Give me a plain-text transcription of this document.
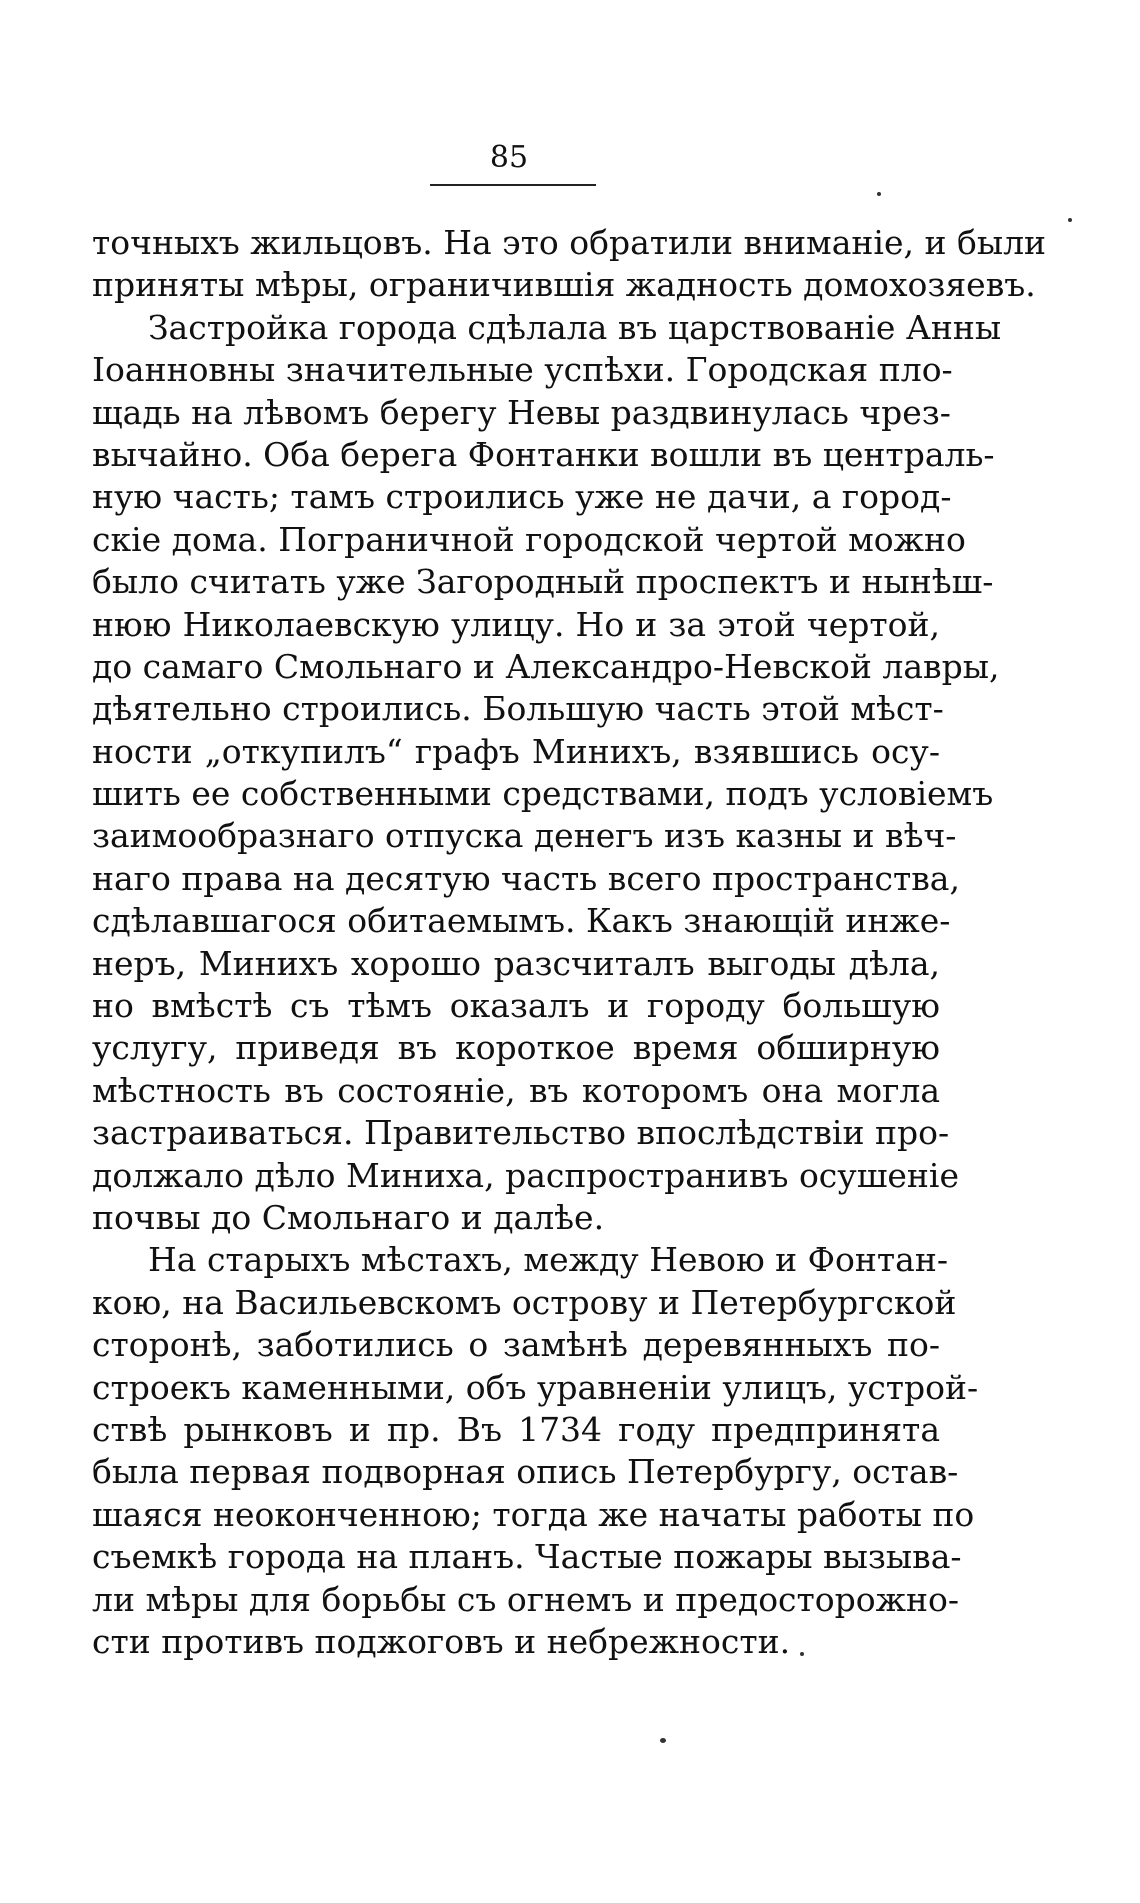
85
точныхъ жильцовъ. На это обратили вниманіе, и были
приняты мѣры, ограничившія жадность домохозяевъ.
Застройка города сдѣлала въ царствованіе Анны
Іоанновны значительные успѣхи. Городская пло-
щадь на лѣвомъ берегу Невы раздвинулась чрез-
вычайно. Оба берега Фонтанки вошли въ централь-
ную часть; тамъ строились уже не дачи, а город-
скіе дома. Пограничной городской чертой можно
было считать уже Загородный проспектъ и нынѣш-
нюю Николаевскую улицу. Но и за этой чертой,
до самаго Смольнаго и Александро-Невской лавры,
дѣятельно строились. Большую часть этой мѣст-
ности „откупилъ“ графъ Минихъ, взявшись осу-
шить ее собственными средствами, подъ условіемъ
заимообразнаго отпуска денегъ изъ казны и вѣч-
наго права на десятую часть всего пространства,
сдѣлавшагося обитаемымъ. Какъ знающій инже-
неръ, Минихъ хорошо разсчиталъ выгоды дѣла,
но вмѣстѣ съ тѣмъ оказалъ и городу большую
услугу, приведя въ короткое время обширную
мѣстность въ состояніе, въ которомъ она могла
застраиваться. Правительство впослѣдствіи про-
должало дѣло Миниха, распространивъ осушеніе
почвы до Смольнаго и далѣе.
На старыхъ мѣстахъ, между Невою и Фонтан-
кою, на Васильевскомъ острову и Петербургской
сторонѣ, заботились о замѣнѣ деревянныхъ по-
строекъ каменными, объ уравненіи улицъ, устрой-
ствѣ рынковъ и пр. Въ 1734 году предпринята
была первая подворная опись Петербургу, остав-
шаяся неоконченною; тогда же начаты работы по
съемкѣ города на планъ. Частые пожары вызыва-
ли мѣры для борьбы съ огнемъ и предосторожно-
сти противъ поджоговъ и небрежности.
